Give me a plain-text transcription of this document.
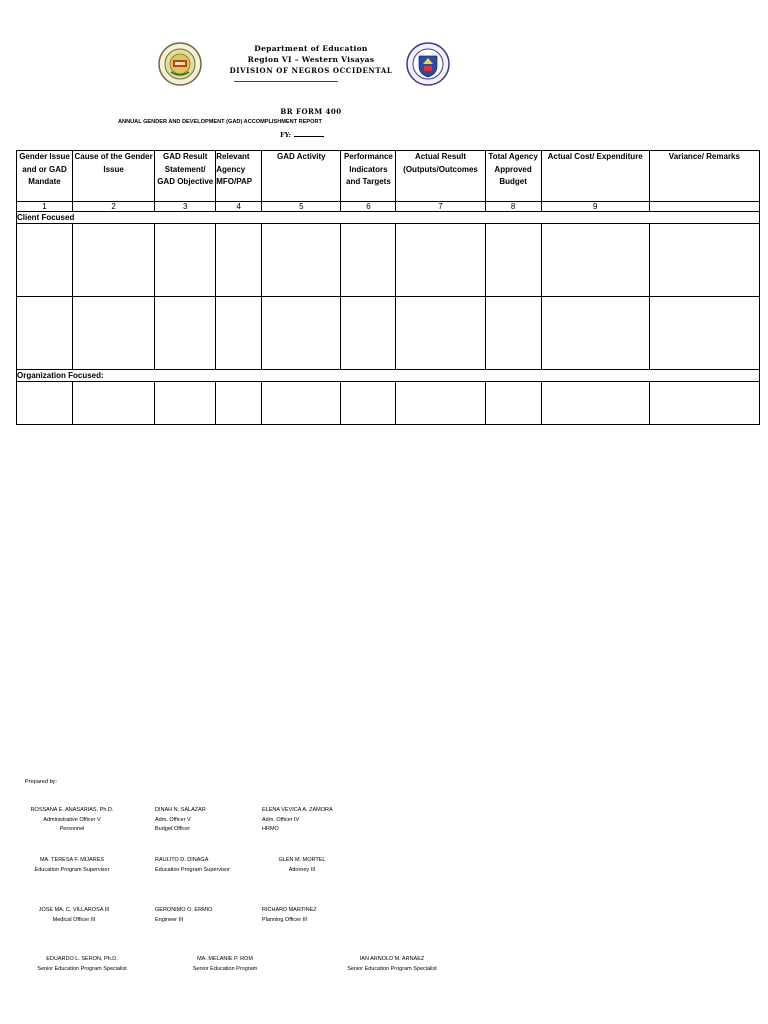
Department of Education
Region VI – Western Visayas
DIVISION OF NEGROS OCCIDENTAL
BR FORM 400
ANNUAL GENDER AND DEVELOPMENT (GAD) ACCOMPLISHMENT REPORT
FY:
Gender Issue and or GAD Mandate	Cause of the Gender Issue	GAD Result Statement/ GAD Objective	Relevant Agency MFO/PAP	GAD Activity	Performance Indicators and Targets	Actual Result (Outputs/Outcomes	Total Agency Approved Budget	Actual Cost/ Expenditure	Variance/ Remarks
1	2	3	4	5	6	7	8	9	
Client Focused									

Organization Focused:									

Prepared by:
ROSSANA E. ANASARIAS, Ph.D.
Administrative Officer V
Personnel
DINAH N. SALAZAR
Adm. Officer V
Budget Officer
ELENA VEVICA A. ZAMORA
Adm. Officer IV
HRMO
MA. TERESA F. MIJARES
Education Program Supervisor
RAULITO D. DINAGA
Education Program Supervisor
GLEN M. MORTEL
Attorney III
JOSE MA. C. VILLAROSA III
Medical Officer III
GERONIMO O. ERMIO
Engineer III
RICHARD MARTINEZ
Planning Officer III
EDUARDO L. SERON, Ph.D.
Senior Education Program Specialist
MA. MELANIE P. ROM
Senior Education Program
IAN ARNOLD M. ARNAEZ
Senior Education Program Specialist
